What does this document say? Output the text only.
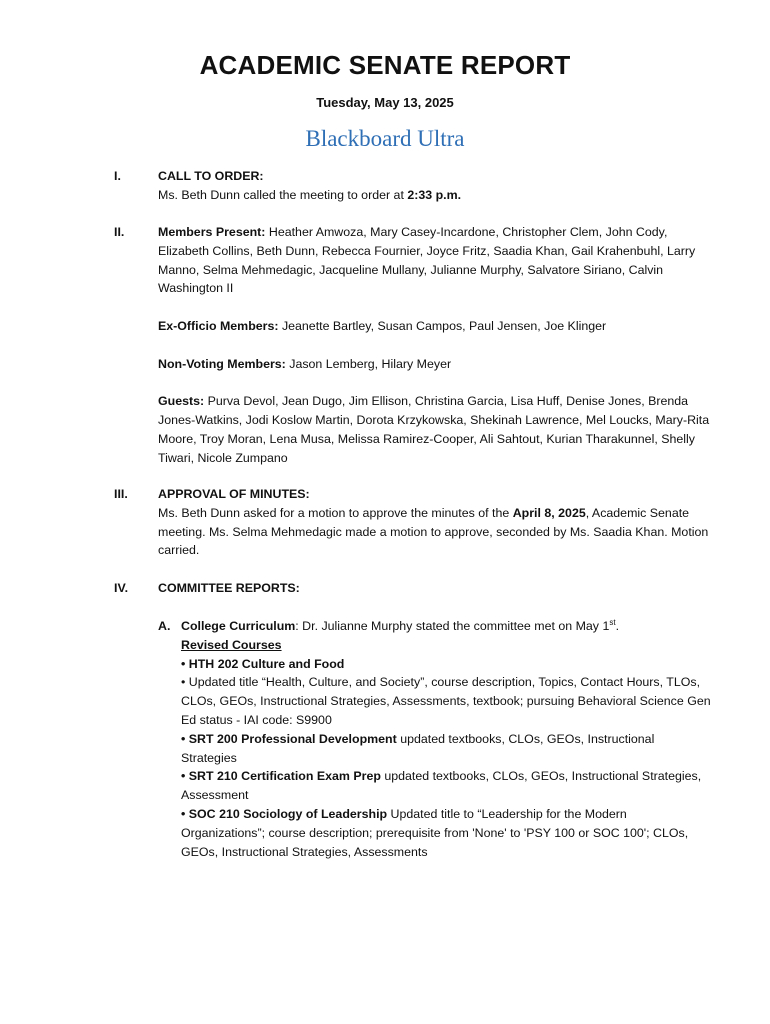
ACADEMIC SENATE REPORT
Tuesday, May 13, 2025
Blackboard Ultra
I.	CALL TO ORDER:
Ms. Beth Dunn called the meeting to order at 2:33 p.m.
II.	Members Present: Heather Amwoza, Mary Casey-Incardone, Christopher Clem, John Cody, Elizabeth Collins, Beth Dunn, Rebecca Fournier, Joyce Fritz, Saadia Khan, Gail Krahenbuhl, Larry Manno, Selma Mehmedagic, Jacqueline Mullany, Julianne Murphy, Salvatore Siriano, Calvin Washington II

Ex-Officio Members: Jeanette Bartley, Susan Campos, Paul Jensen, Joe Klinger

Non-Voting Members: Jason Lemberg, Hilary Meyer

Guests: Purva Devol, Jean Dugo, Jim Ellison, Christina Garcia, Lisa Huff, Denise Jones, Brenda Jones-Watkins, Jodi Koslow Martin, Dorota Krzykowska, Shekinah Lawrence, Mel Loucks, Mary-Rita Moore, Troy Moran, Lena Musa, Melissa Ramirez-Cooper, Ali Sahtout, Kurian Tharakunnel, Shelly Tiwari, Nicole Zumpano

III. APPROVAL OF MINUTES:

Ms. Beth Dunn asked for a motion to approve the minutes of the April 8, 2025, Academic Senate meeting. Ms. Selma Mehmedagic made a motion to approve, seconded by Ms. Saadia Khan. Motion carried.

IV. COMMITTEE REPORTS:
A. College Curriculum: Dr. Julianne Murphy stated the committee met on May 1st.
Revised Courses
• HTH 202 Culture and Food
• Updated title “Health, Culture, and Society”, course description, Topics, Contact Hours, TLOs, CLOs, GEOs, Instructional Strategies, Assessments, textbook; pursuing Behavioral Science Gen Ed status - IAI code: S9900
• SRT 200 Professional Development updated textbooks, CLOs, GEOs, Instructional Strategies
• SRT 210 Certification Exam Prep updated textbooks, CLOs, GEOs, Instructional Strategies, Assessment
• SOC 210 Sociology of Leadership Updated title to “Leadership for the Modern Organizations”; course description; prerequisite from 'None' to 'PSY 100 or SOC 100'; CLOs, GEOs, Instructional Strategies, Assessments
